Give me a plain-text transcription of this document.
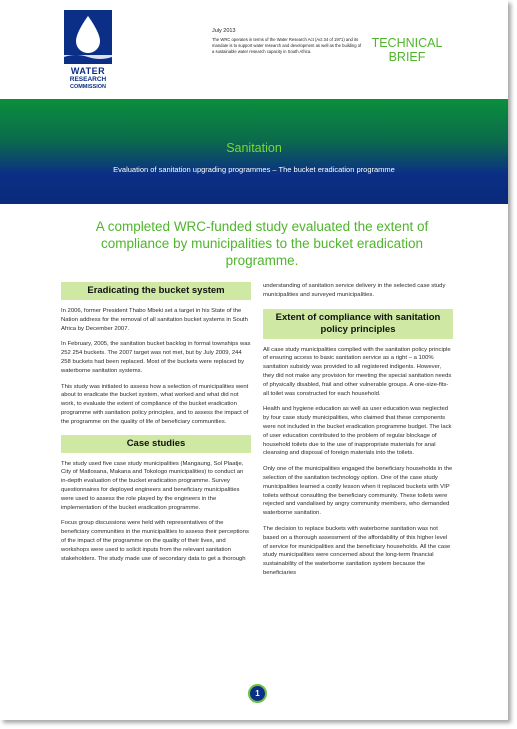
WATER
RESEARCH
COMMISSION
July 2013
The WRC operates in terms of the Water Research Act (Act 34 of 1971) and its mandate is to support water research and development as well as the building of a sustainable water research capacity in South Africa.
TECHNICAL
BRIEF
Sanitation
Evaluation of sanitation upgrading programmes – The bucket eradication programme
A completed WRC-funded study evaluated the extent of compliance by municipalities to the bucket eradication programme.
Eradicating the bucket system

In 2006, former President Thabo Mbeki set a target in his State of the Nation address for the removal of all sanitation bucket systems in South Africa by December 2007.

In February, 2005, the sanitation bucket backlog in formal townships was 252 254 buckets. The 2007 target was not met, but by July 2009, 244 258 buckets had been replaced. Most of the buckets were replaced by waterborne sanitation systems.

This study was initiated to assess how a selection of municipalities went about to eradicate the bucket system, what worked and what did not work, to evaluate the extent of compliance of the bucket eradication programme with sanitation policy principles, and to assess the impact of the programme on the quality of life of beneficiary communities.

Case studies

The study used five case study municipalities (Mangaung, Sol Plaatje, City of Matlosana, Makana and Tokologo municipalities) to conduct an in-depth evaluation of the bucket eradication programme. Survey questionnaires for deployed engineers and beneficiary municipalities were used to assess the role played by the engineers in the implementation of the bucket eradication programme.

Focus group discussions were held with representatives of the beneficiary communities in the municipalities to assess their perceptions of the impact of the programme on the quality of their lives, and workshops were used to solicit inputs from the relevant sanitation stakeholders. The study made use of secondary data to get a thorough

understanding of sanitation service delivery in the selected case study municipalities and surveyed municipalities.

Extent of compliance with sanitation policy principles

All case study municipalities complied with the sanitation policy principle of ensuring access to basic sanitation service as a right – a 100% sanitation subsidy was provided to all registered indigents. However, they did not make any provision for meeting the special sanitation needs of physically disabled, frail and other vulnerable groups. A one-size-fits-all toilet was constructed for each household.

Health and hygiene education as well as user education was neglected by four case study municipalities, who claimed that these components were not included in the bucket eradication programme budget. The lack of user education contributed to the problem of regular blockage of household toilets due to the use of inappropriate materials for anal cleansing and disposal of foreign materials into the toilets.

Only one of the municipalities engaged the beneficiary households in the selection of the sanitation technology option. One of the case study municipalities learned a costly lesson when it replaced buckets with VIP toilets without consulting the beneficiary community. These toilets were rejected and vandalised by angry community members, who demanded waterborne sanitation.

The decision to replace buckets with waterborne sanitation was not based on a thorough assessment of the affordability of this higher level of service for municipalities and the beneficiary households. All the case study municipalities were concerned about the long-term financial sustainability of the waterborne sanitation system because the beneficiaries

1
